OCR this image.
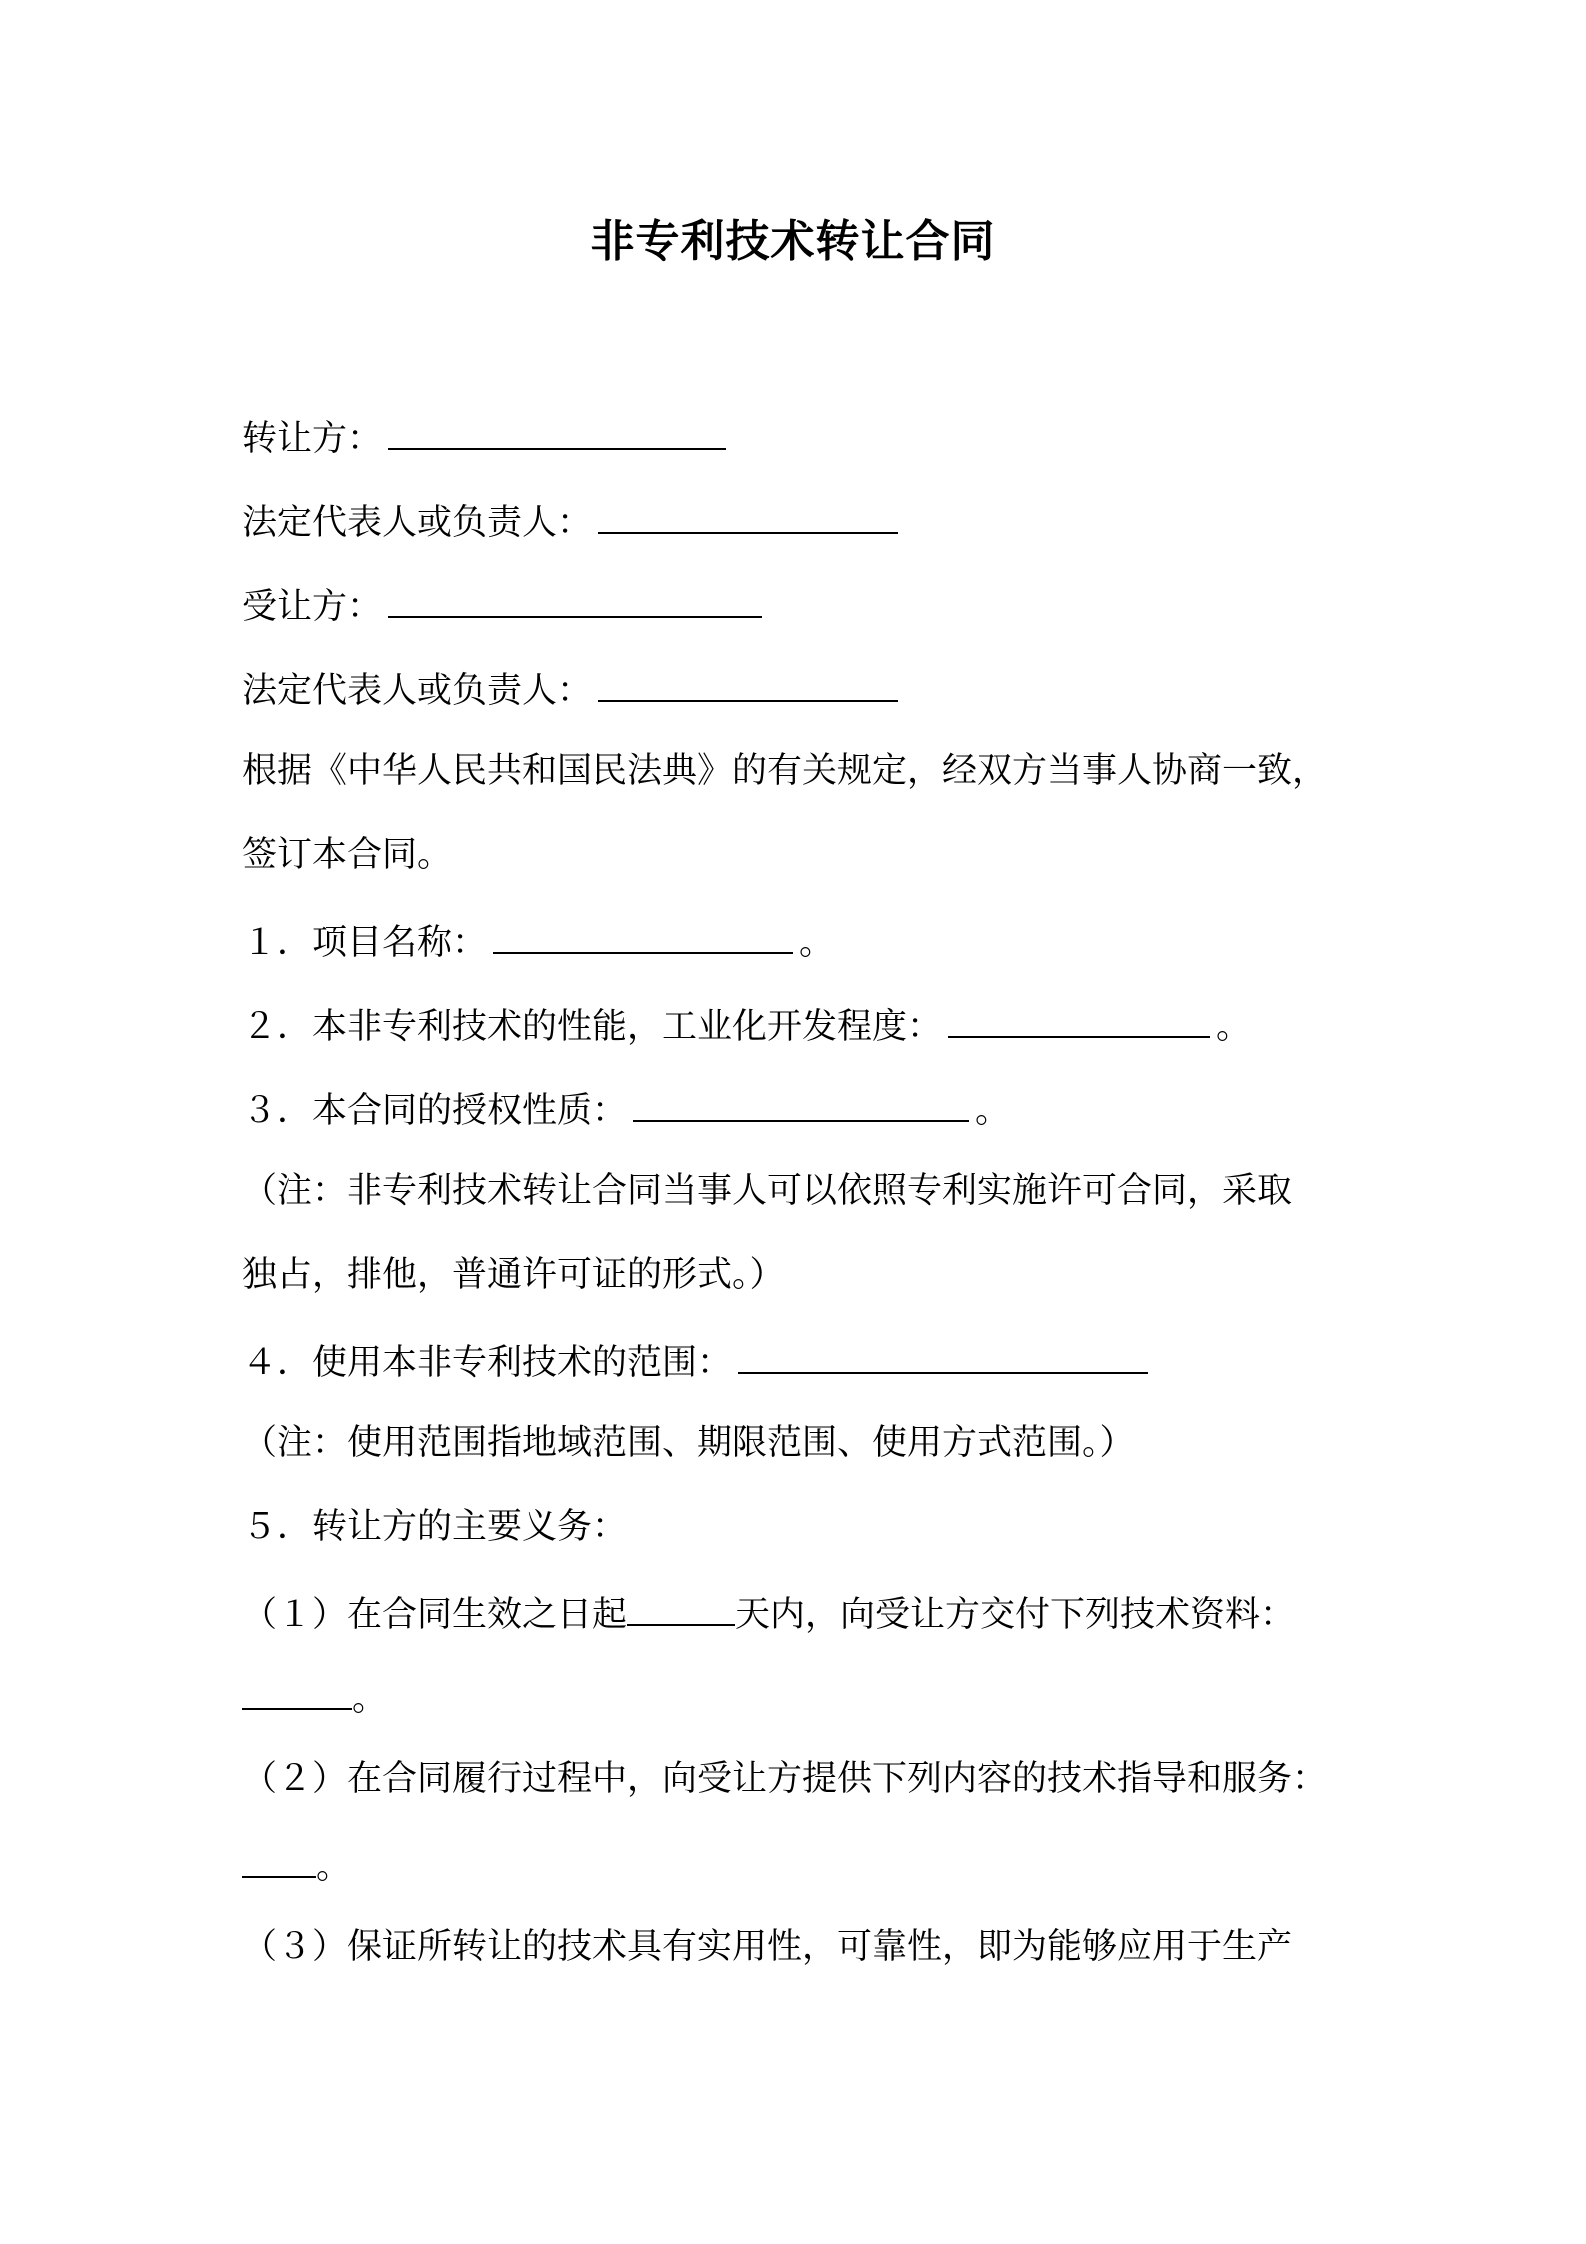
非专利技术转让合同
转让方：
法定代表人或负责人：
受让方：
法定代表人或负责人：
根据《中华人民共和国民法典》的有关规定，经双方当事人协商一致，
签订本合同。
１．项目名称：	。
２．本非专利技术的性能，工业化开发程度：	。
３．本合同的授权性质：	。
（注：非专利技术转让合同当事人可以依照专利实施许可合同，采取
独占，排他，普通许可证的形式。）
４．使用本非专利技术的范围：
（注：使用范围指地域范围、期限范围、使用方式范围。）
５．转让方的主要义务：
（１）在合同生效之日起	天内，向受让方交付下列技术资料：
。
（２）在合同履行过程中，向受让方提供下列内容的技术指导和服务：
。
（３）保证所转让的技术具有实用性，可靠性，即为能够应用于生产
